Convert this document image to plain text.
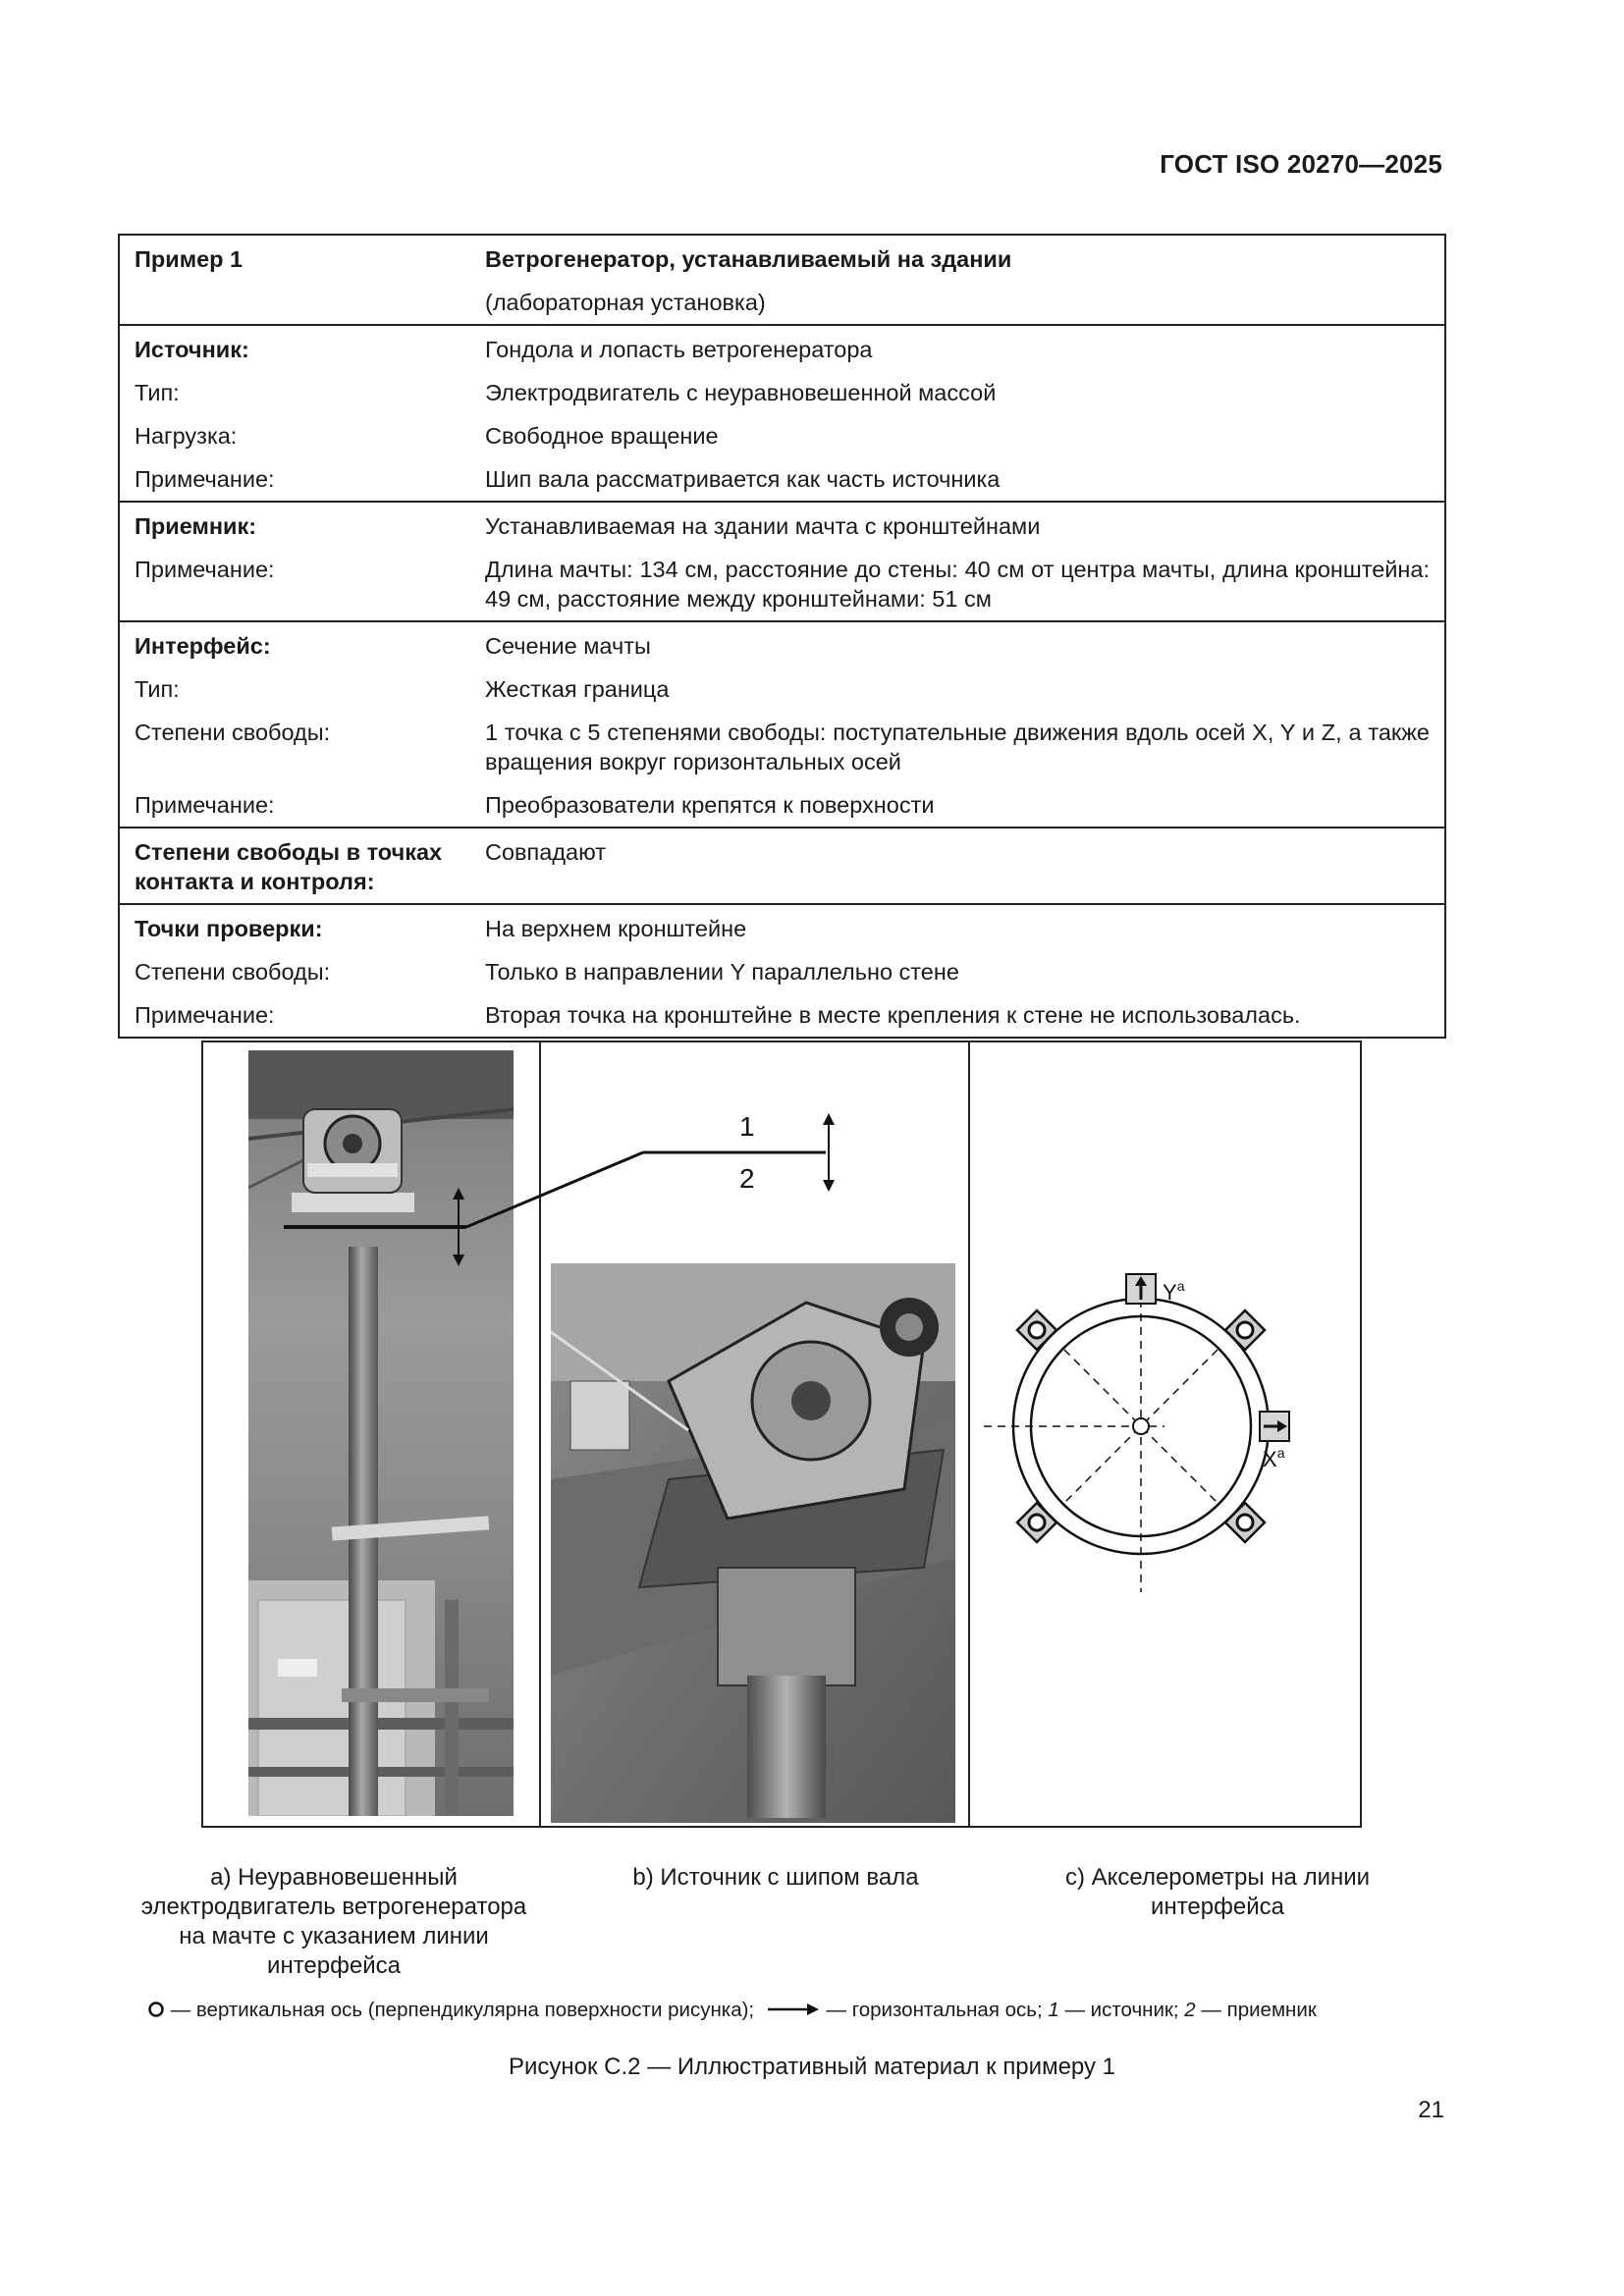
ГОСТ ISO 20270—2025
Пример 1	Ветрогенератор, устанавливаемый на здании
	(лабораторная установка)
Источник:	Гондола и лопасть ветрогенератора
Тип:	Электродвигатель с неуравновешенной массой
Нагрузка:	Свободное вращение
Примечание:	Шип вала рассматривается как часть источника
Приемник:	Устанавливаемая на здании мачта с кронштейнами
Примечание:	Длина мачты: 134 см, расстояние до стены: 40 см от центра мачты, длина кронштейна: 49 см, расстояние между кронштейнами: 51 см
Интерфейс:	Сечение мачты
Тип:	Жесткая граница
Степени свободы:	1 точка с 5 степенями свободы: поступательные движения вдоль осей X, Y и Z, а также вращения вокруг горизонтальных осей
Примечание:	Преобразователи крепятся к поверхности
Степени свободы в точках контакта и контроля:	Совпадают
Точки проверки:	На верхнем кронштейне
Степени свободы:	Только в направлении Y параллельно стене
Примечание:	Вторая точка на кронштейне в месте крепления к стене не использовалась.
$Y^a$
$X^a$
1
2
a) Неуравновешенный электродвигатель ветрогенератора на мачте с указанием линии интерфейса
b) Источник с шипом вала	c) Акселерометры на линии интерфейса
— вертикальная ось (перпендикулярна поверхности рисунка);	— горизонтальная ось; 1 — источник; 2 — приемник
Рисунок С.2 — Иллюстративный материал к примеру 1
21
